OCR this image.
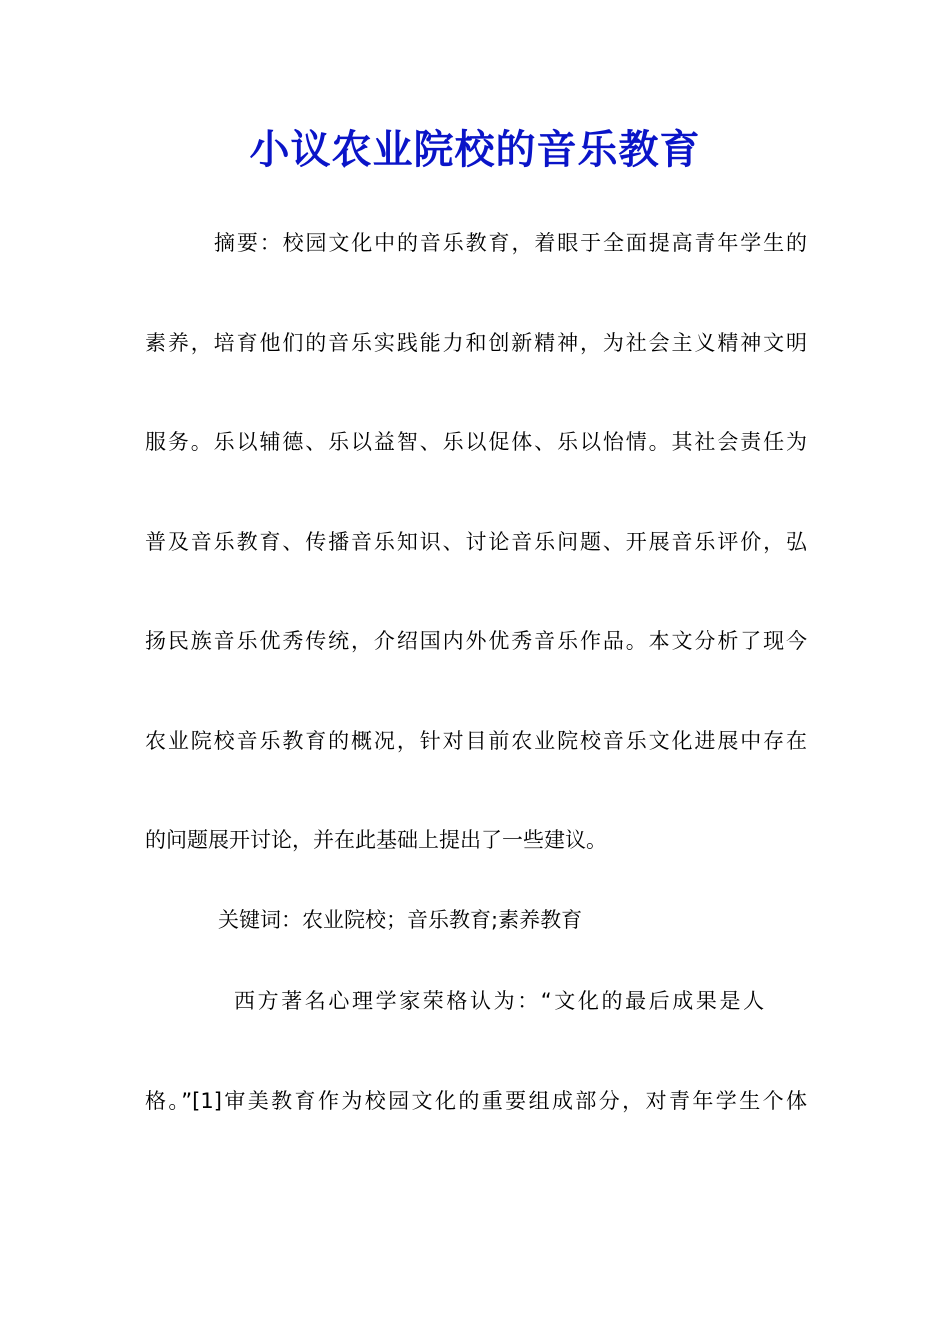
小议农业院校的音乐教育
摘要：校园文化中的音乐教育，着眼于全面提高青年学生的
素养，培育他们的音乐实践能力和创新精神，为社会主义精神文明
服务。乐以辅德、乐以益智、乐以促体、乐以怡情。其社会责任为
普及音乐教育、传播音乐知识、讨论音乐问题、开展音乐评价，弘
扬民族音乐优秀传统，介绍国内外优秀音乐作品。本文分析了现今
农业院校音乐教育的概况，针对目前农业院校音乐文化进展中存在
的问题展开讨论，并在此基础上提出了一些建议。
关键词：农业院校；音乐教育;素养教育
西方著名心理学家荣格认为：“文化的最后成果是人
格。”[1]审美教育作为校园文化的重要组成部分，对青年学生个体
